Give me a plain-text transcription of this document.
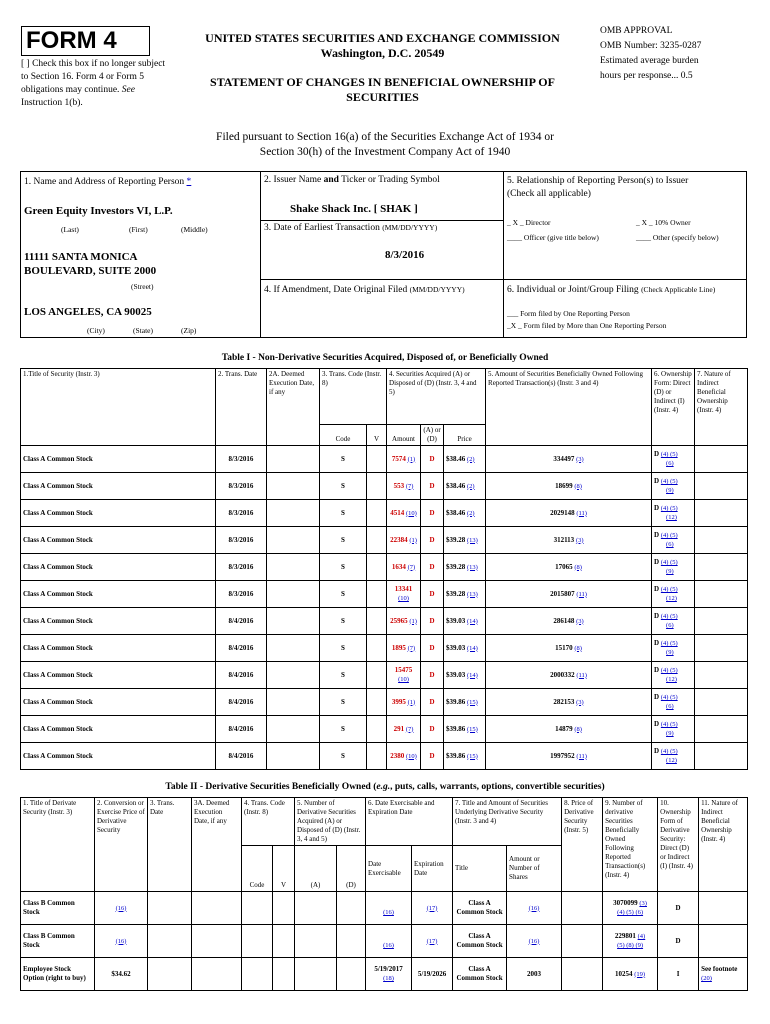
FORM 4
[ ] Check this box if no longer subject to Section 16. Form 4 or Form 5 obligations may continue. See Instruction 1(b).
UNITED STATES SECURITIES AND EXCHANGE COMMISSION
Washington, D.C. 20549
STATEMENT OF CHANGES IN BENEFICIAL OWNERSHIP OF
SECURITIES
OMB APPROVAL
OMB Number: 3235-0287
Estimated average burden
hours per response... 0.5
Filed pursuant to Section 16(a) of the Securities Exchange Act of 1934 or
Section 30(h) of the Investment Company Act of 1940
1. Name and Address of Reporting Person *
Green Equity Investors VI, L.P.
(Last)	(First)	(Middle)
11111 SANTA MONICA
BOULEVARD, SUITE 2000
(Street)
LOS ANGELES, CA 90025
(City)	(State)	(Zip)
2. Issuer Name and Ticker or Trading Symbol
Shake Shack Inc. [ SHAK ]
3. Date of Earliest Transaction (MM/DD/YYYY)
8/3/2016
4. If Amendment, Date Original Filed (MM/DD/YYYY)
5. Relationship of Reporting Person(s) to Issuer
(Check all applicable)
_ X _ Director	_ X _ 10% Owner
____ Officer (give title below)	____ Other (specify below)
6. Individual or Joint/Group Filing (Check Applicable Line)
___ Form filed by One Reporting Person
_X _ Form filed by More than One Reporting Person
Table I - Non-Derivative Securities Acquired, Disposed of, or Beneficially Owned
1.Title of Security (Instr. 3)	2. Trans. Date	2A. Deemed Execution Date, if any	3. Trans. Code (Instr. 8)		4. Securities Acquired (A) or Disposed of (D) (Instr. 3, 4 and 5)			5. Amount of Securities Beneficially Owned Following Reported Transaction(s) (Instr. 3 and 4)	6. Ownership Form: Direct (D) or Indirect (I) (Instr. 4)	7. Nature of Indirect Beneficial Ownership (Instr. 4)
			Code	V	Amount	(A) or (D)	Price			
Class A Common Stock	8/3/2016		S		7574 (1)	D	$38.46 (2)	334497 (3)	D (4) (5)
(6)	
Class A Common Stock	8/3/2016		S		553 (7)	D	$38.46 (2)	18699 (8)	D (4) (5)
(9)	
Class A Common Stock	8/3/2016		S		4514 (10)	D	$38.46 (2)	2029148 (11)	D (4) (5)
(12)	
Class A Common Stock	8/3/2016		S		22384 (1)	D	$39.28 (13)	312113 (3)	D (4) (5)
(6)	
Class A Common Stock	8/3/2016		S		1634 (7)	D	$39.28 (13)	17065 (8)	D (4) (5)
(9)	
Class A Common Stock	8/3/2016		S		13341 (10)	D	$39.28 (13)	2015807 (11)	D (4) (5)
(12)	
Class A Common Stock	8/4/2016		S		25965 (1)	D	$39.03 (14)	286148 (3)	D (4) (5)
(6)	
Class A Common Stock	8/4/2016		S		1895 (7)	D	$39.03 (14)	15170 (8)	D (4) (5)
(9)	
Class A Common Stock	8/4/2016		S		15475 (10)	D	$39.03 (14)	2000332 (11)	D (4) (5)
(12)	
Class A Common Stock	8/4/2016		S		3995 (1)	D	$39.86 (15)	282153 (3)	D (4) (5)
(6)	
Class A Common Stock	8/4/2016		S		291 (7)	D	$39.86 (15)	14879 (8)	D (4) (5)
(9)	
Class A Common Stock	8/4/2016		S		2380 (10)	D	$39.86 (15)	1997952 (11)	D (4) (5)
(12)	
Table II - Derivative Securities Beneficially Owned (e.g., puts, calls, warrants, options, convertible securities)
1. Title of Derivate Security (Instr. 3)	2. Conversion or Exercise Price of Derivative Security	3. Trans. Date	3A. Deemed Execution Date, if any	4. Trans. Code (Instr. 8)		5. Number of Derivative Securities Acquired (A) or Disposed of (D) (Instr. 3, 4 and 5)		6. Date Exercisable and Expiration Date		7. Title and Amount of Securities Underlying Derivative Security (Instr. 3 and 4)		8. Price of Derivative Security (Instr. 5)	9. Number of derivative Securities Beneficially Owned Following Reported Transaction(s) (Instr. 4)	10. Ownership Form of Derivative Security: Direct (D) or Indirect (I) (Instr. 4)	11. Nature of Indirect Beneficial Ownership (Instr. 4)
				Code	V	(A)	(D)	Date Exercisable	Expiration Date	Title	Amount or Number of Shares				
Class B Common Stock	(16)							(16)	(17)	Class A Common Stock	(16)		3070099 (3)
(4) (5) (6)	D	

Class B Common Stock	(16)							(16)	(17)	Class A Common Stock	(16)		229801 (4)
(5) (8) (9)	D	

Employee Stock Option (right to buy)	$34.62							5/19/2017
(18)	5/19/2026	Class A Common Stock	2003		10254 (19)	I	See footnote
(20)
